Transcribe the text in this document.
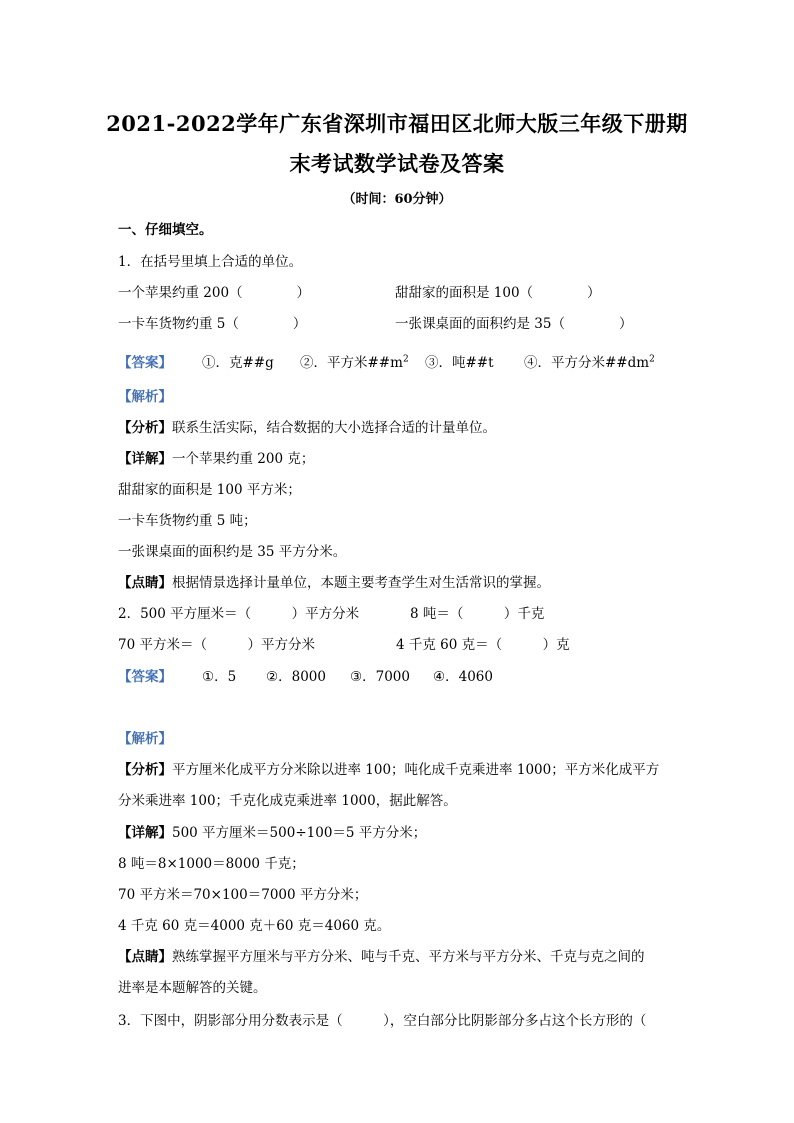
2021-2022学年广东省深圳市福田区北师大版三年级下册期
末考试数学试卷及答案
（时间：60分钟）
一、仔细填空。
1．在括号里填上合适的单位。
一个苹果约重 200（　　　　）	甜甜家的面积是 100（　　　　）
一卡车货物约重 5（　　　　）	一张课桌面的面积约是 35（　　　　）
【答案】 ①．克##g ②．平方米$\#\#m^2$ ③．吨##t ④．平方分米$\#\#dm^2$
【解析】
【分析】联系生活实际，结合数据的大小选择合适的计量单位。
【详解】一个苹果约重 200 克；
甜甜家的面积是 100 平方米；
一卡车货物约重 5 吨；
一张课桌面的面积约是 35 平方分米。
【点睛】根据情景选择计量单位，本题主要考查学生对生活常识的掌握。
2．500 平方厘米＝（　　　）平方分米	8 吨＝（　　　）千克
70 平方米＝（　　　）平方分米	4 千克 60 克＝（　　　）克
【答案】 ①．5 ②．8000 ③．7000 ④．4060
【解析】
【分析】平方厘米化成平方分米除以进率 100；吨化成千克乘进率 1000；平方米化成平方
分米乘进率 100；千克化成克乘进率 1000，据此解答。
【详解】500 平方厘米＝500÷100＝5 平方分米；
8 吨＝8×1000＝8000 千克；
70 平方米＝70×100＝7000 平方分米；
4 千克 60 克＝4000 克＋60 克＝4060 克。
【点睛】熟练掌握平方厘米与平方分米、吨与千克、平方米与平方分米、千克与克之间的
进率是本题解答的关键。
3．下图中，阴影部分用分数表示是（　　　），空白部分比阴影部分多占这个长方形的（
